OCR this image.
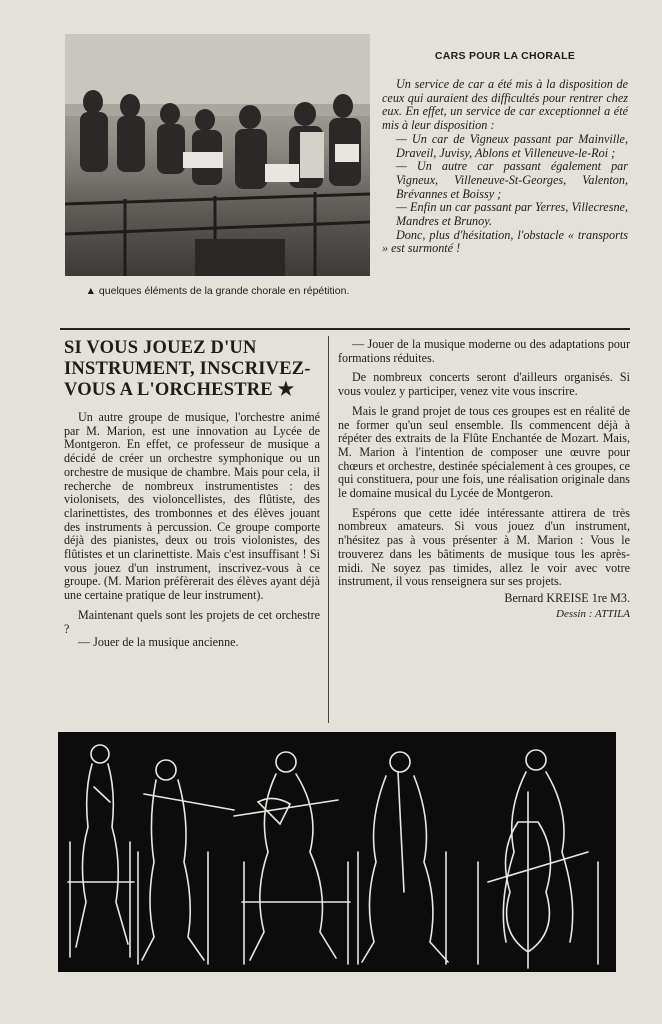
▲ quelques éléments de la grande chorale en répétition.
CARS POUR LA CHORALE

Un service de car a été mis à la disposition de ceux qui auraient des difficultés pour rentrer chez eux. En effet, un service de car exceptionnel a été mis à leur disposition :

— Un car de Vigneux passant par Mainville, Draveil, Juvisy, Ablons et Villeneuve-le-Roi ;

— Un autre car passant également par Vigneux, Villeneuve-St-Georges, Valenton, Brévannes et Boissy ;

— Enfin un car passant par Yerres, Villecresne, Mandres et Brunoy.

Donc, plus d'hésitation, l'obstacle « transports » est surmonté !

SI VOUS JOUEZ D'UN INSTRUMENT, INSCRIVEZ-VOUS A L'ORCHESTRE ★

Un autre groupe de musique, l'orchestre animé par M. Marion, est une innovation au Lycée de Montgeron. En effet, ce professeur de musique a décidé de créer un orchestre symphonique ou un orchestre de musique de chambre. Mais pour cela, il recherche de nombreux instrumentistes : des violonisets, des violoncellistes, des flûtiste, des clarinettistes, des trombonnes et des élèves jouant des instruments à percussion. Ce groupe comporte déjà des pianistes, deux ou trois violonistes, des flûtistes et un clarinettiste. Mais c'est insuffisant ! Si vous jouez d'un instrument, inscrivez-vous à ce groupe. (M. Marion préfèrerait des élèves ayant déjà une certaine pratique de leur instrument).

Maintenant quels sont les projets de cet orchestre ?

— Jouer de la musique ancienne.

— Jouer de la musique moderne ou des adaptations pour formations réduites.

De nombreux concerts seront d'ailleurs organisés. Si vous voulez y participer, venez vite vous inscrire.

Mais le grand projet de tous ces groupes est en réalité de ne former qu'un seul ensemble. Ils commencent déjà à répéter des extraits de la Flûte Enchantée de Mozart. Mais, M. Marion à l'intention de composer une œuvre pour chœurs et orchestre, destinée spécialement à ces groupes, ce qui constituera, pour une fois, une réalisation originale dans le domaine musical du Lycée de Montgeron.

Espérons que cette idée intéressante attirera de très nombreux amateurs. Si vous jouez d'un instrument, n'hésitez pas à vous présenter à M. Marion : Vous le trouverez dans les bâtiments de musique tous les après-midi. Ne soyez pas timides, allez le voir avec votre instrument, il vous renseignera sur ses projets.

Bernard KREISE 1re M3.
Dessin : ATTILA
